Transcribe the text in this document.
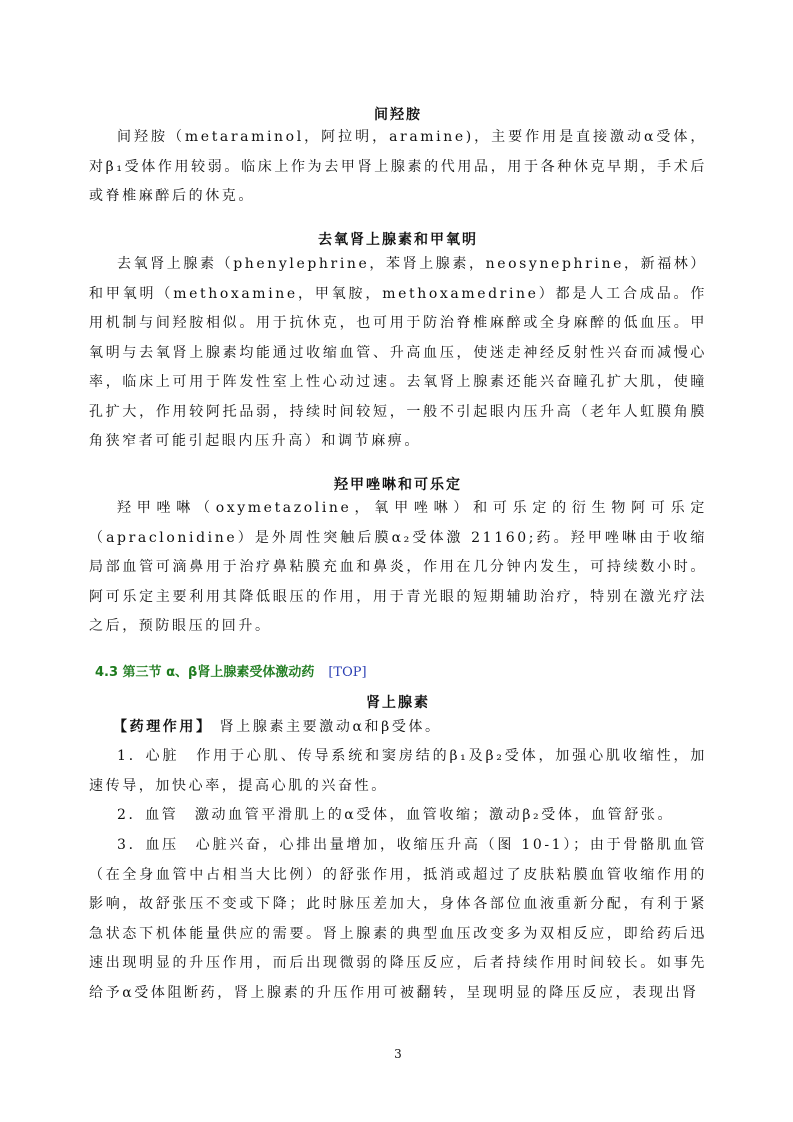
间羟胺
间羟胺（metaraminol，阿拉明，aramine)，主要作用是直接激动α受体，对β₁受体作用较弱。临床上作为去甲肾上腺素的代用品，用于各种休克早期，手术后或脊椎麻醉后的休克。
去氧肾上腺素和甲氧明
去氧肾上腺素（phenylephrine，苯肾上腺素，neosynephrine，新福林）和甲氧明（methoxamine，甲氧胺，methoxamedrine）都是人工合成品。作用机制与间羟胺相似。用于抗休克，也可用于防治脊椎麻醉或全身麻醉的低血压。甲氧明与去氧肾上腺素均能通过收缩血管、升高血压，使迷走神经反射性兴奋而减慢心率，临床上可用于阵发性室上性心动过速。去氧肾上腺素还能兴奋瞳孔扩大肌，使瞳孔扩大，作用较阿托品弱，持续时间较短，一般不引起眼内压升高（老年人虹膜角膜角狭窄者可能引起眼内压升高）和调节麻痹。
羟甲唑啉和可乐定
羟甲唑啉（oxymetazoline，氧甲唑啉）和可乐定的衍生物阿可乐定（apraclonidine）是外周性突触后膜α₂受体激 21160;药。羟甲唑啉由于收缩局部血管可滴鼻用于治疗鼻粘膜充血和鼻炎，作用在几分钟内发生，可持续数小时。阿可乐定主要利用其降低眼压的作用，用于青光眼的短期辅助治疗，特别在激光疗法之后，预防眼压的回升。
4.3 第三节 α、β肾上腺素受体激动药 [TOP]
肾上腺素
【药理作用】 肾上腺素主要激动α和β受体。
1．心脏　作用于心肌、传导系统和窦房结的β₁及β₂受体，加强心肌收缩性，加速传导，加快心率，提高心肌的兴奋性。
2．血管　激动血管平滑肌上的α受体，血管收缩；激动β₂受体，血管舒张。
3．血压　心脏兴奋，心排出量增加，收缩压升高（图 10-1）；由于骨骼肌血管（在全身血管中占相当大比例）的舒张作用，抵消或超过了皮肤粘膜血管收缩作用的影响，故舒张压不变或下降；此时脉压差加大，身体各部位血液重新分配，有利于紧急状态下机体能量供应的需要。肾上腺素的典型血压改变多为双相反应，即给药后迅速出现明显的升压作用，而后出现微弱的降压反应，后者持续作用时间较长。如事先给予α受体阻断药，肾上腺素的升压作用可被翻转，呈现明显的降压反应，表现出肾
3
